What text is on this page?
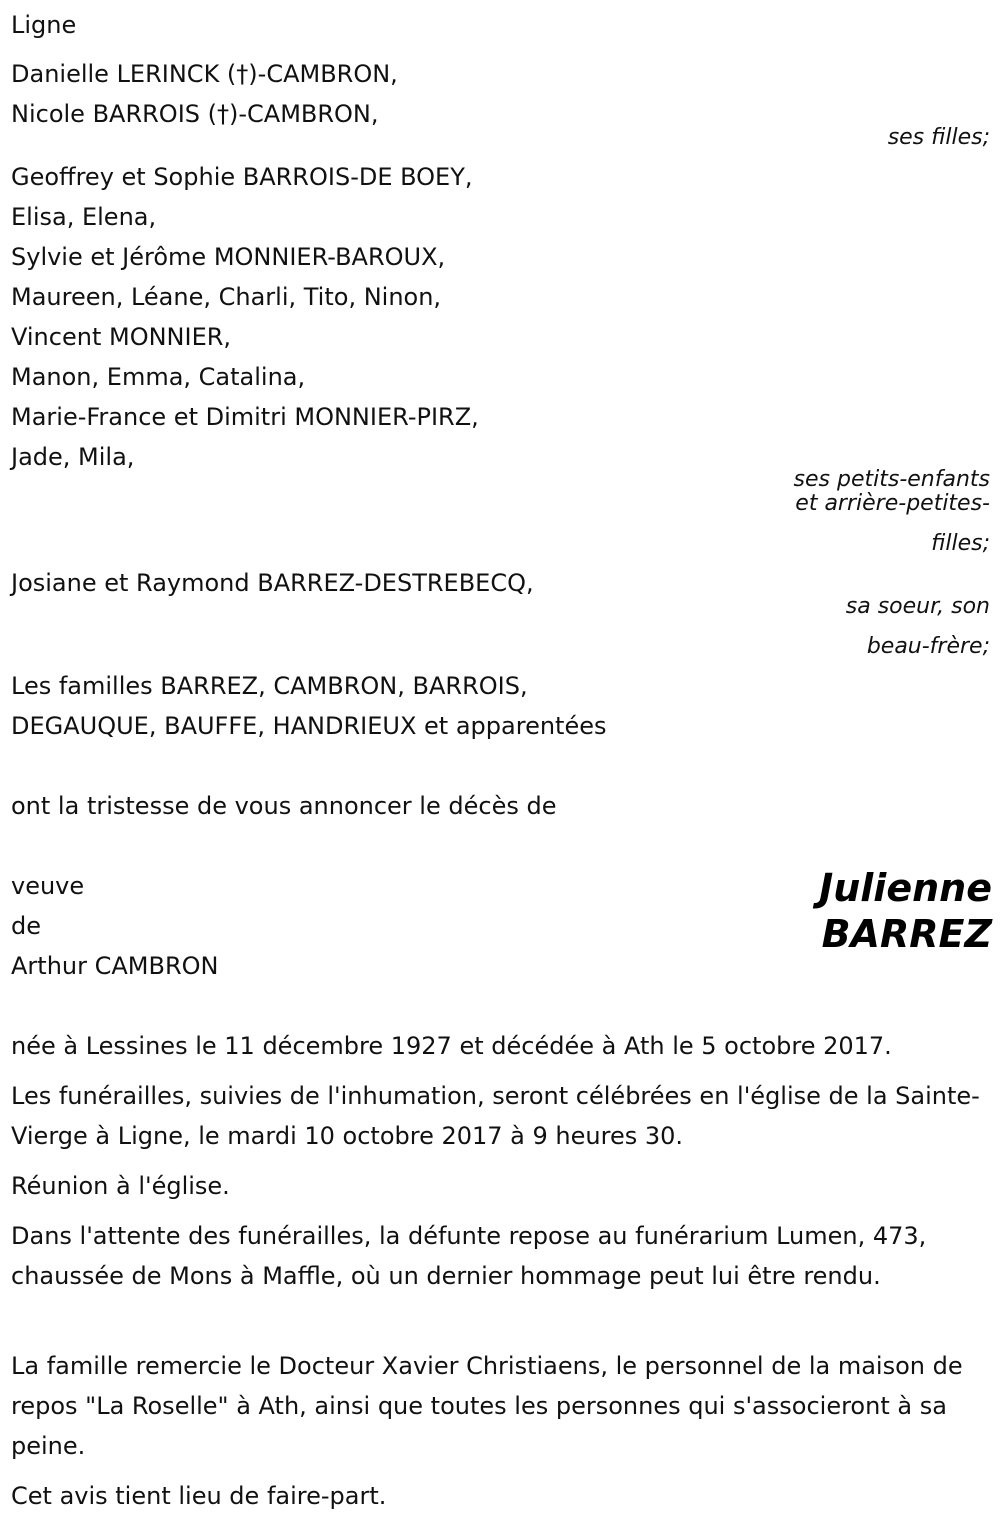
Ligne
Danielle LERINCK (†)-CAMBRON,
Nicole BARROIS (†)-CAMBRON,
ses filles;
Geoffrey et Sophie BARROIS-DE BOEY,
Elisa, Elena,
Sylvie et Jérôme MONNIER-BAROUX,
Maureen, Léane, Charli, Tito, Ninon,
Vincent MONNIER,
Manon, Emma, Catalina,
Marie-France et Dimitri MONNIER-PIRZ,
Jade, Mila,
ses petits-enfants
et arrière-petites-
filles;
Josiane et Raymond BARREZ-DESTREBECQ,
sa soeur, son
beau-frère;
Les familles BARREZ, CAMBRON, BARROIS,
DEGAUQUE, BAUFFE, HANDRIEUX et apparentées
ont la tristesse de vous annoncer le décès de
veuve
de
Arthur CAMBRON
Julienne
BARREZ
née à Lessines le 11 décembre 1927 et décédée à Ath le 5 octobre 2017.
Les funérailles, suivies de l'inhumation, seront célébrées en l'église de la Sainte-Vierge à Ligne, le mardi 10 octobre 2017 à 9 heures 30.
Réunion à l'église.
Dans l'attente des funérailles, la défunte repose au funérarium Lumen, 473, chaussée de Mons à Maffle, où un dernier hommage peut lui être rendu.
La famille remercie le Docteur Xavier Christiaens, le personnel de la maison de repos "La Roselle" à Ath, ainsi que toutes les personnes qui s'associeront à sa peine.
Cet avis tient lieu de faire-part.
